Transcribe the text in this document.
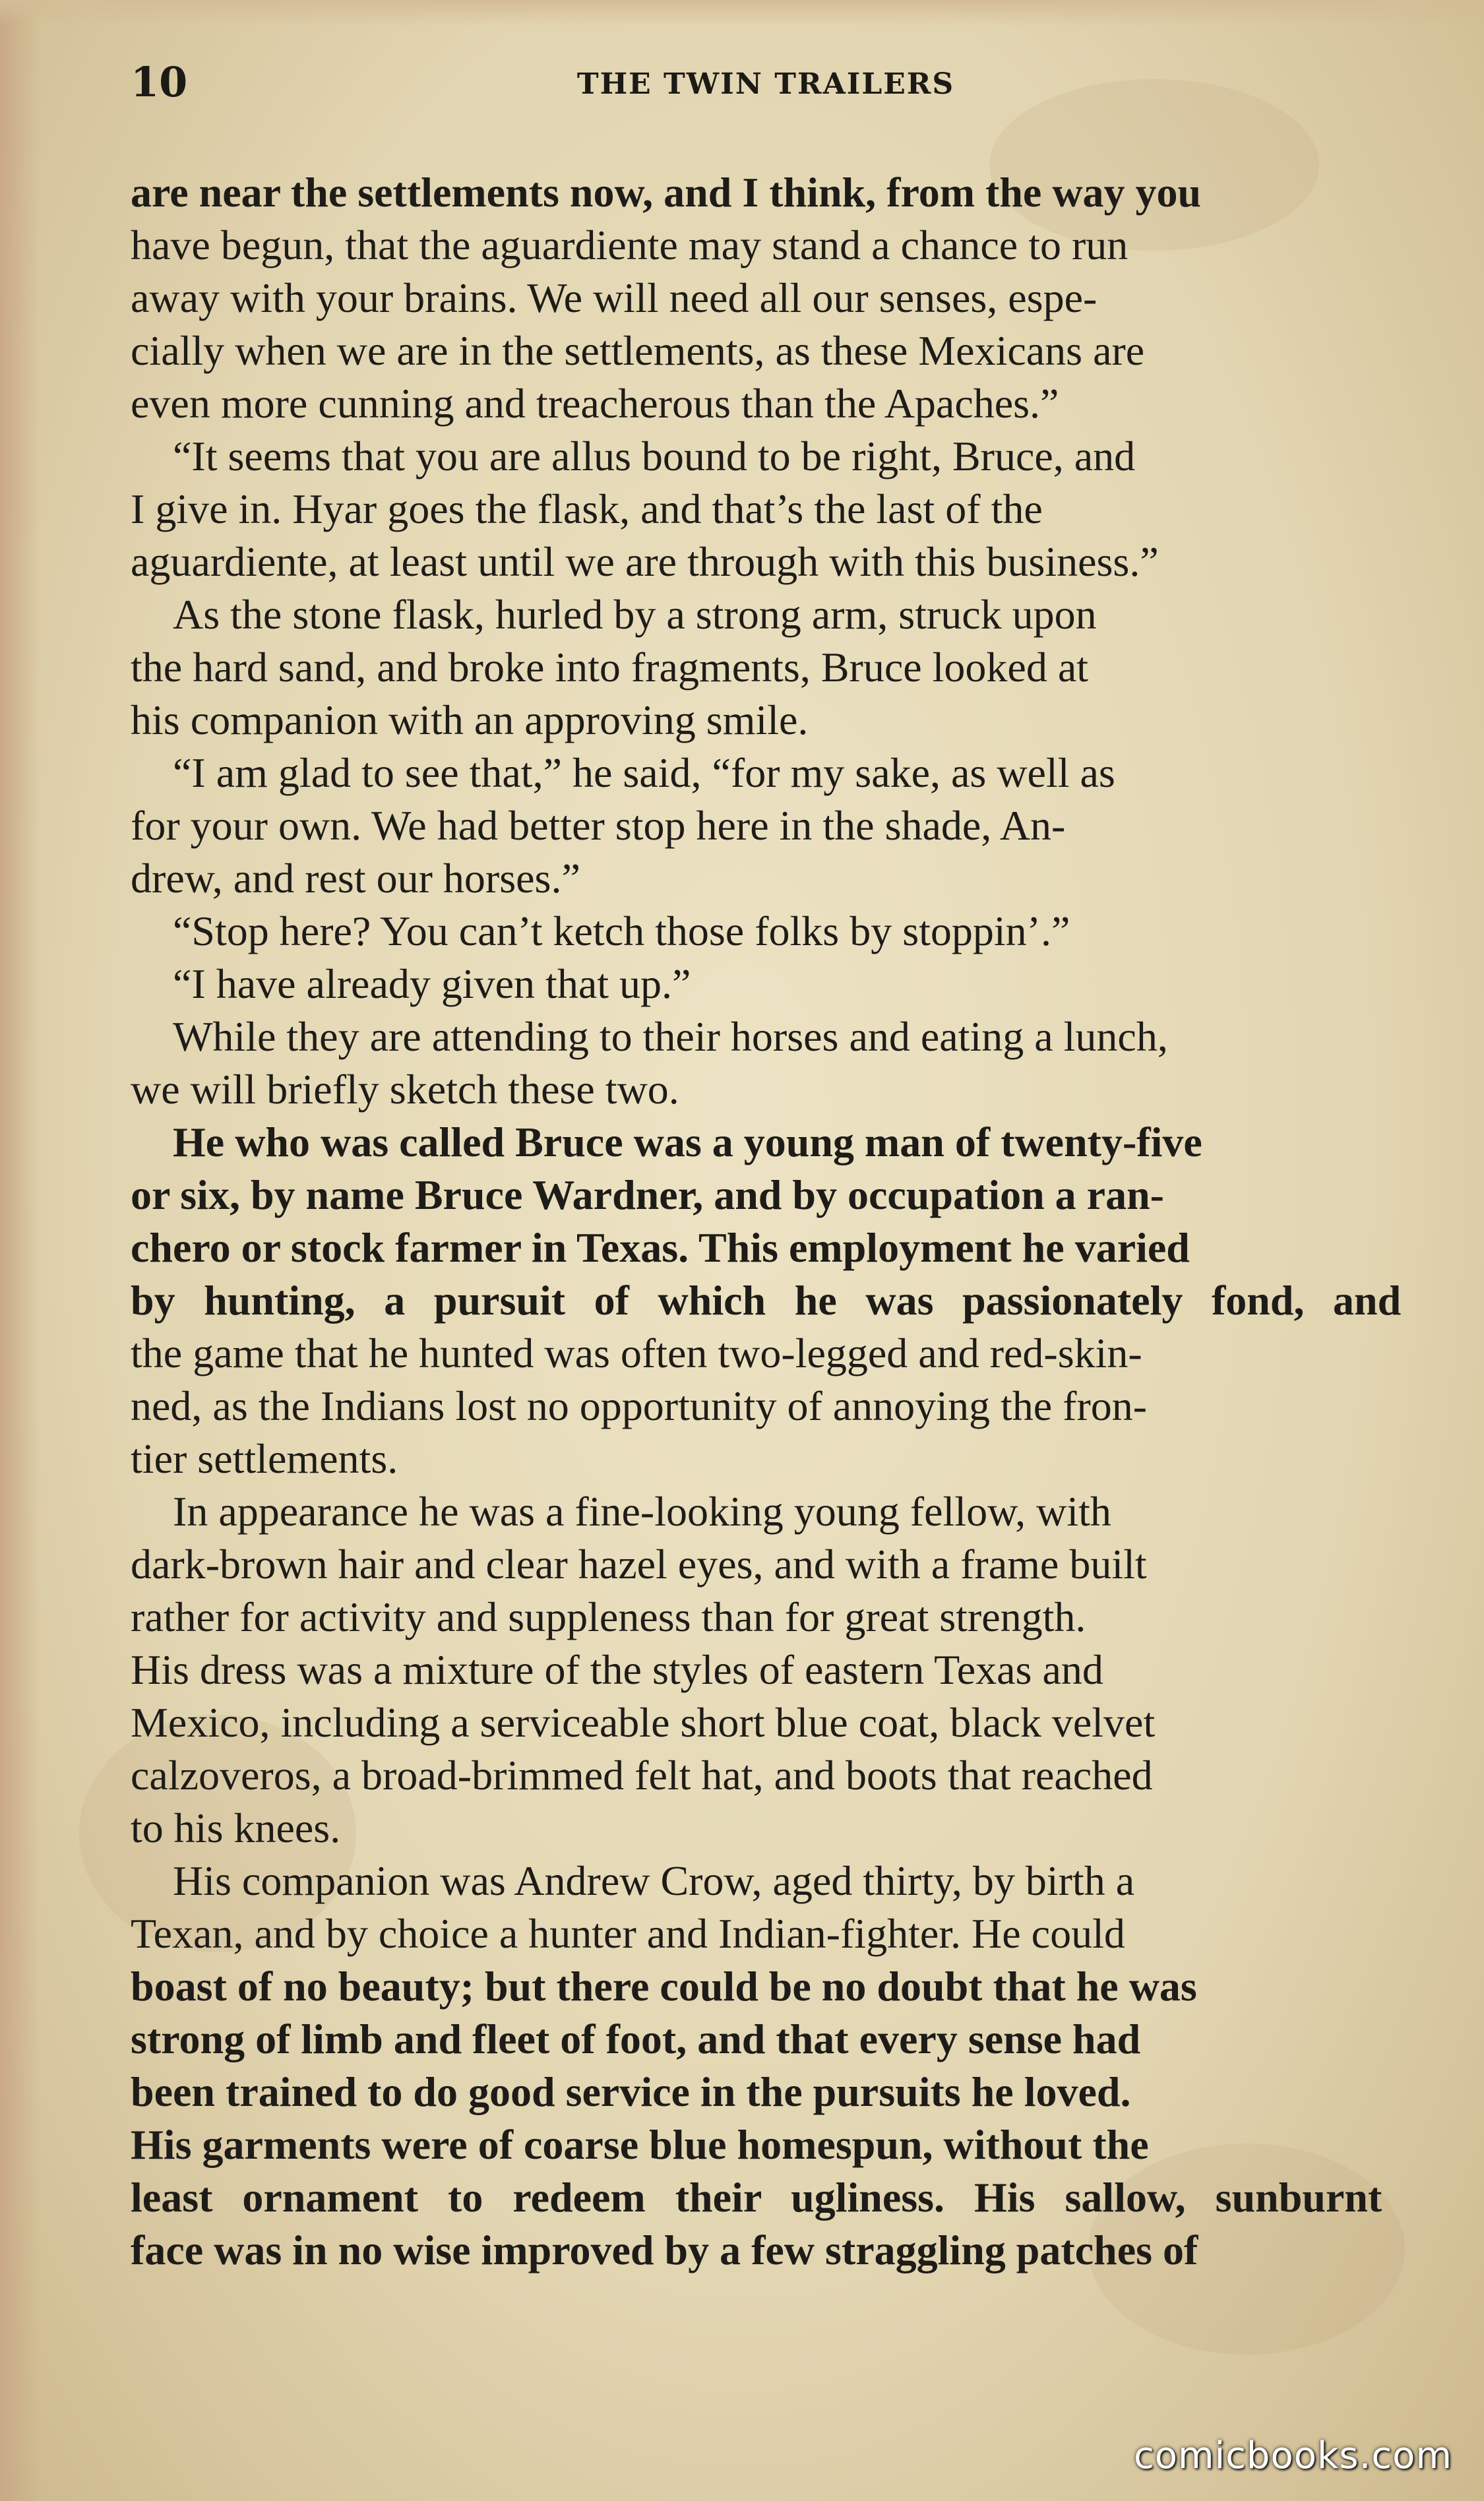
10	THE TWIN TRAILERS
are near the settlements now, and I think, from the way you
have begun, that the aguardiente may stand a chance to run
away with your brains. We will need all our senses, espe-
cially when we are in the settlements, as these Mexicans are
even more cunning and treacherous than the Apaches.”
“It seems that you are allus bound to be right, Bruce, and
I give in. Hyar goes the flask, and that’s the last of the
aguardiente, at least until we are through with this business.”
As the stone flask, hurled by a strong arm, struck upon
the hard sand, and broke into fragments, Bruce looked at
his companion with an approving smile.
“I am glad to see that,” he said, “for my sake, as well as
for your own. We had better stop here in the shade, An-
drew, and rest our horses.”
“Stop here? You can’t ketch those folks by stoppin’.”
“I have already given that up.”
While they are attending to their horses and eating a lunch,
we will briefly sketch these two.
He who was called Bruce was a young man of twenty-five
or six, by name Bruce Wardner, and by occupation a ran-
chero or stock farmer in Texas. This employment he varied
by hunting, a pursuit of which he was passionately fond, and
the game that he hunted was often two-legged and red-skin-
ned, as the Indians lost no opportunity of annoying the fron-
tier settlements.
In appearance he was a fine-looking young fellow, with
dark-brown hair and clear hazel eyes, and with a frame built
rather for activity and suppleness than for great strength.
His dress was a mixture of the styles of eastern Texas and
Mexico, including a serviceable short blue coat, black velvet
calzoveros, a broad-brimmed felt hat, and boots that reached
to his knees.
His companion was Andrew Crow, aged thirty, by birth a
Texan, and by choice a hunter and Indian-fighter. He could
boast of no beauty; but there could be no doubt that he was
strong of limb and fleet of foot, and that every sense had
been trained to do good service in the pursuits he loved.
His garments were of coarse blue homespun, without the
least ornament to redeem their ugliness. His sallow, sunburnt
face was in no wise improved by a few straggling patches of
comicbooks.com
